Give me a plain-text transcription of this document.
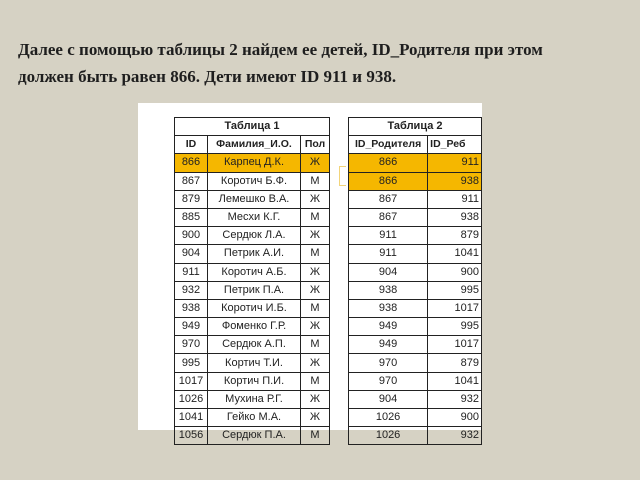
Далее с помощью таблицы 2 найдем ее детей, ID_Родителя при этом
должен быть равен 866. Дети имеют ID 911 и 938.
Таблица 1		
ID	Фамилия_И.О.	Пол
866	Карпец Д.К.	Ж
867	Коротич Б.Ф.	М
879	Лемешко В.А.	Ж
885	Месхи К.Г.	М
900	Сердюк Л.А.	Ж
904	Петрик А.И.	М
911	Коротич А.Б.	Ж
932	Петрик П.А.	Ж
938	Коротич И.Б.	М
949	Фоменко Г.Р.	Ж
970	Сердюк А.П.	М
995	Кортич Т.И.	Ж
1017	Кортич П.И.	М
1026	Мухина Р.Г.	Ж
1041	Гейко М.А.	Ж
1056	Сердюк П.А.	М
Таблица 2	
ID_Родителя	ID_Реб
866	911
866	938
867	911
867	938
911	879
911	1041
904	900
938	995
938	1017
949	995
949	1017
970	879
970	1041
904	932
1026	900
1026	932
